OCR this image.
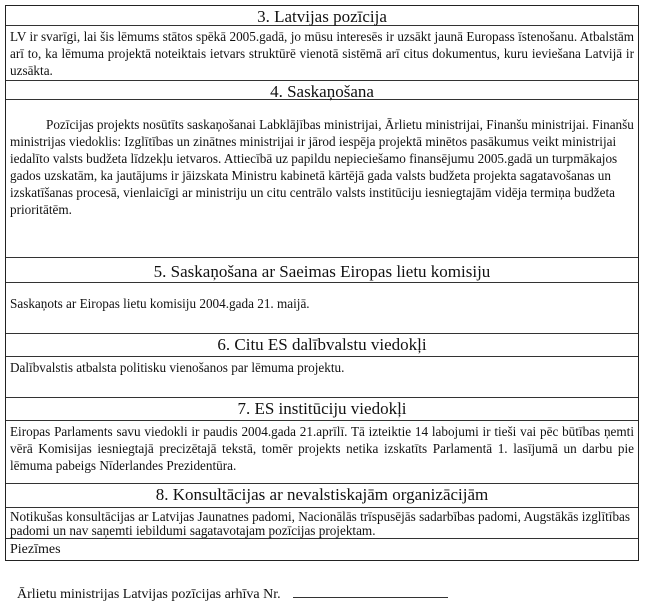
3. Latvijas pozīcija
LV ir svarīgi, lai šis lēmums stātos spēkā 2005.gadā, jo mūsu interesēs ir uzsākt jaunā Europass īstenošanu. Atbalstām arī to, ka lēmuma projektā noteiktais ietvars struktūrē vienotā sistēmā arī citus dokumentus, kuru ieviešana Latvijā ir uzsākta.
4. Saskaņošana
Pozīcijas projekts nosūtīts saskaņošanai Labklājības ministrijai, Ārlietu ministrijai, Finanšu ministrijai. Finanšu ministrijas viedoklis: Izglītības un zinātnes ministrijai ir jārod iespēja projektā minētos pasākumus veikt ministrijai iedalīto valsts budžeta līdzekļu ietvaros. Attiecībā uz papildu nepieciešamo finansējumu 2005.gadā un turpmākajos gados uzskatām, ka jautājums ir jāizskata Ministru kabinetā kārtējā gada valsts budžeta projekta sagatavošanas un izskatīšanas procesā, vienlaicīgi ar ministriju un citu centrālo valsts institūciju iesniegtajām vidēja termiņa budžeta prioritātēm.
5. Saskaņošana ar Saeimas Eiropas lietu komisiju
Saskaņots ar Eiropas lietu komisiju 2004.gada 21. maijā.
6. Citu ES dalībvalstu viedokļi
Dalībvalstis atbalsta politisku vienošanos par lēmuma projektu.
7. ES institūciju viedokļi
Eiropas Parlaments savu viedokli ir paudis 2004.gada 21.aprīlī. Tā izteiktie 14 labojumi ir tieši vai pēc būtības ņemti vērā Komisijas iesniegtajā precizētajā tekstā, tomēr projekts netika izskatīts Parlamentā 1. lasījumā un darbu pie lēmuma pabeigs Nīderlandes Prezidentūra.
8. Konsultācijas ar nevalstiskajām organizācijām
Notikušas konsultācijas ar Latvijas Jaunatnes padomi, Nacionālās trīspusējās sadarbības padomi, Augstākās izglītības padomi un nav saņemti iebildumi sagatavotajam pozīcijas projektam.
Piezīmes
Ārlietu ministrijas Latvijas pozīcijas arhīva Nr.
